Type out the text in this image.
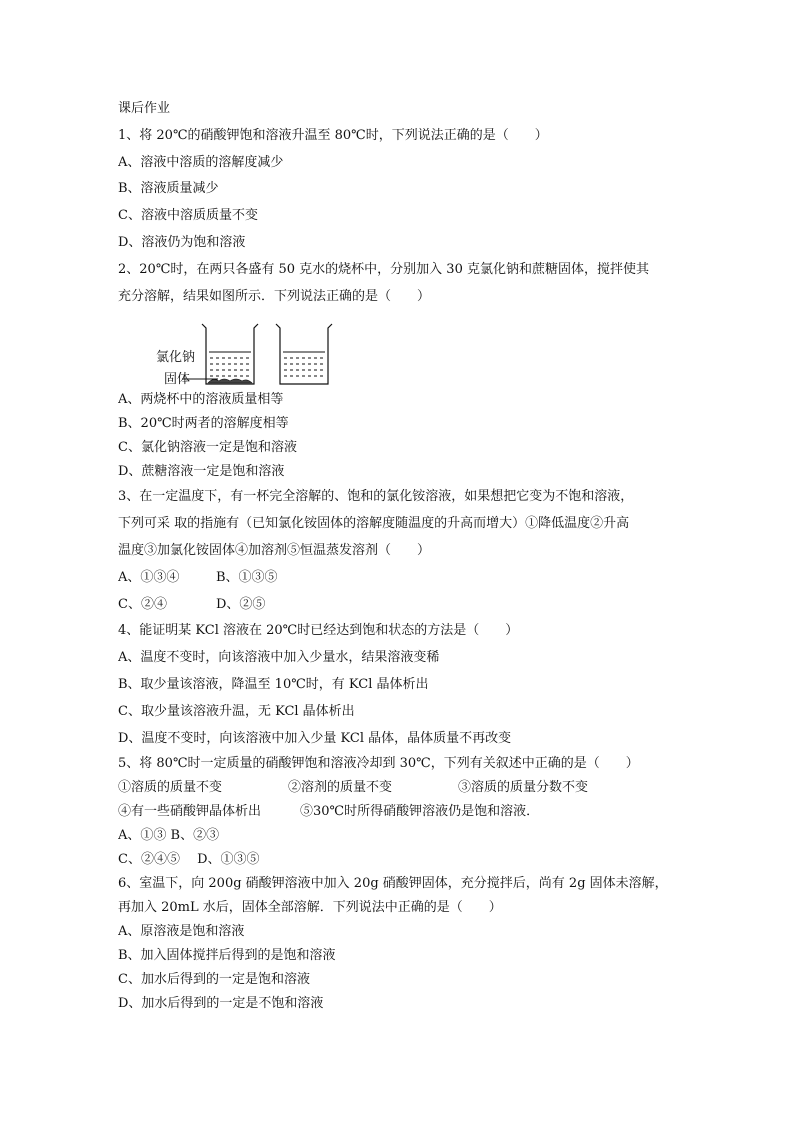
课后作业
1、将 20℃的硝酸钾饱和溶液升温至 80℃时，下列说法正确的是（　　）
A、溶液中溶质的溶解度减少
B、溶液质量减少
C、溶液中溶质质量不变
D、溶液仍为饱和溶液
2、20℃时，在两只各盛有 50 克水的烧杯中，分别加入 30 克氯化钠和蔗糖固体，搅拌使其
充分溶解，结果如图所示．下列说法正确的是（　　）
氯化钠
固体
A、两烧杯中的溶液质量相等
B、20℃时两者的溶解度相等
C、氯化钠溶液一定是饱和溶液
D、蔗糖溶液一定是饱和溶液
3、在一定温度下，有一杯完全溶解的、饱和的氯化铵溶液，如果想把它变为不饱和溶液，
下列可采 取的指施有（已知氯化铵固体的溶解度随温度的升高而增大）①降低温度②升高
温度③加氯化铵固体④加溶剂⑤恒温蒸发溶剂（　　）
A、①③④	B、①③⑤
C、②④	D、②⑤
4、能证明某 KCl 溶液在 20℃时已经达到饱和状态的方法是（　　）
A、温度不变时，向该溶液中加入少量水，结果溶液变稀
B、取少量该溶液，降温至 10℃时，有 KCl 晶体析出
C、取少量该溶液升温，无 KCl 晶体析出
D、温度不变时，向该溶液中加入少量 KCl 晶体，晶体质量不再改变
5、将 80℃时一定质量的硝酸钾饱和溶液冷却到 30℃，下列有关叙述中正确的是（　　）
①溶质的质量不变	②溶剂的质量不变	③溶质的质量分数不变
④有一些硝酸钾晶体析出	⑤30℃时所得硝酸钾溶液仍是饱和溶液．
A、①③ B、②③
C、②④⑤　 D、①③⑤
6、室温下，向 200g 硝酸钾溶液中加入 20g 硝酸钾固体，充分搅拌后，尚有 2g 固体未溶解，
再加入 20mL 水后，固体全部溶解．下列说法中正确的是（　　）
A、原溶液是饱和溶液
B、加入固体搅拌后得到的是饱和溶液
C、加水后得到的一定是饱和溶液
D、加水后得到的一定是不饱和溶液
